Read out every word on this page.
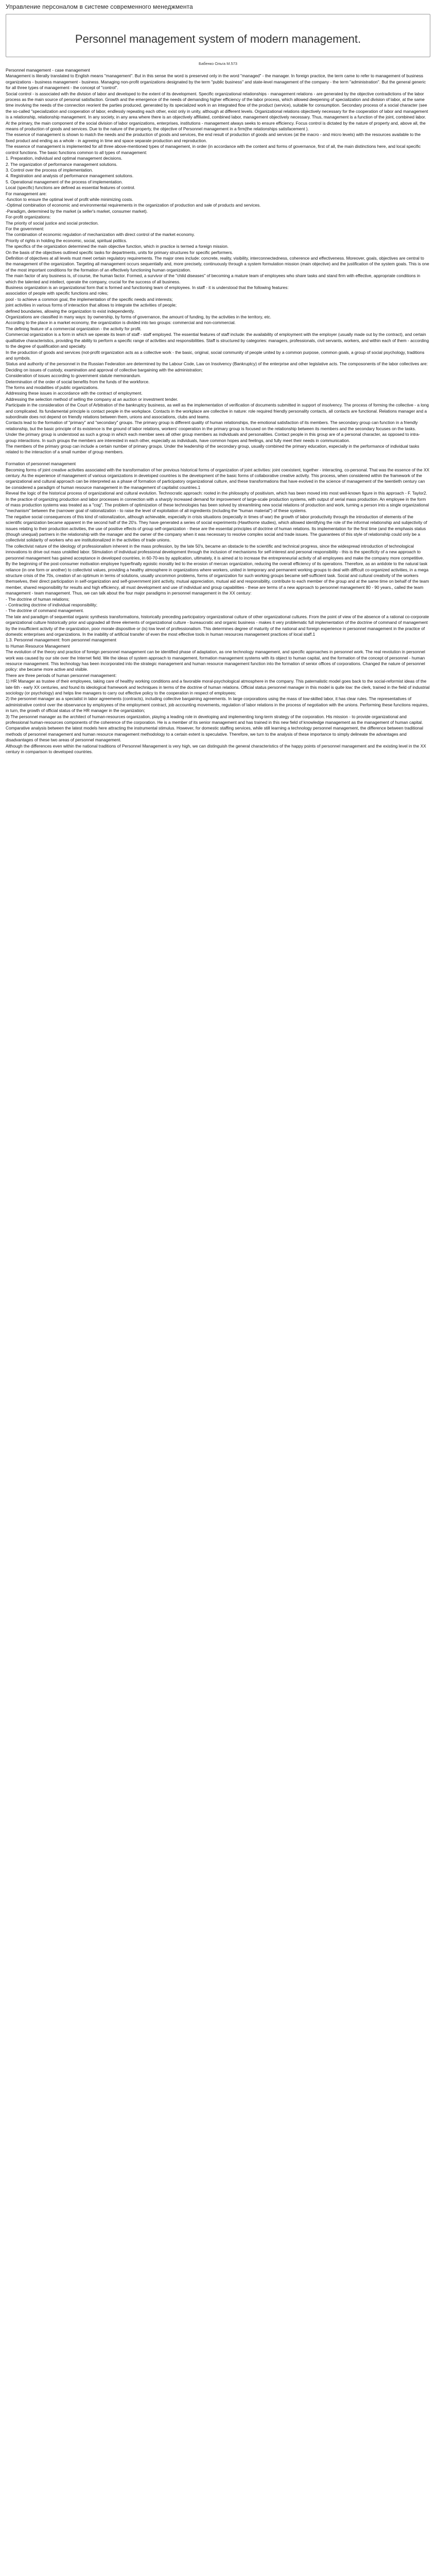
Управление персоналом в системе современного менеджмента
Personnel management system of modern management.
Бабенко Ольга М.573

Personnel management - case management

Management is literally translated to English means "management". But in this sense the word is preserved only in the word "managed" - the manager. In foreign practice, the term came to refer to management of business organizations - business management - business. Managing non-profit organizations designated by the term "public business" and state-level management of the company - the term "administration". But the general generic for all three types of management - the concept of "control".

Social control - is associated with the division of labor and developed to the extent of its development. Specific organizational relationships - management relations - are generated by the objective contradictions of the labor process as the main source of personal satisfaction. Growth and the emergence of the needs of demanding higher efficiency of the labor process, which allowed deepening of specialization and division of labor, at the same time involving the needs of the connection reorient the parties produced, generated by its specialized work in an integrated flow of the product (service), suitable for consumption. Secondary process of a social character (see the so-called "specialization and cooperation of labor, endlessly repeating each other, exist only in unity, although at different levels. Organizational relations objectively necessary for the cooperation of labor and management is a relationship, relationship management. In any society, in any area where there is an objectively affiliated, combined labor, management objectively necessary. Thus, management is a function of the joint, combined labor.

At the primary, the main component of the social division of labor organizations, enterprises, institutions - management always seeks to ensure efficiency. Focus control is dictated by the nature of property and, above all, the means of production of goods and services. Due to the nature of the property, the objective of Personnel management in a firm(the relationships satisfacement ).

The essence of management is shown to match the needs and the production of goods and services, the end result of production of goods and services (at the macro - and micro levels) with the resources available to the fixed product and ending as a whole - in agreeing in time and space separate production and reproduction.

The essence of management is implemented for all three above-mentioned types of management, in order (in accordance with the content and forms of governance, first of all, the main distinctions here, and local specific control functions. The basic functions common to all types of management:

1. Preparation, individual and optimal management decisions.

2. The organization of performance management solutions.

3. Control over the process of implementation.

4. Registration and analysis of performance management solutions.

5. Operational management of the process of implementation.

Local (specific) functions are defined as essential features of control.

For management are:

-function to ensure the optimal level of profit while minimizing costs.

-Optimal combination of economic and environmental requirements in the organization of production and sale of products and services.

-Paradigm, determined by the market (a seller's market, consumer market).

For-profit organizations:

The priority of social justice and social protection.

For the government:

The combination of economic regulation of mechanization with direct control of the market economy.

Priority of rights in holding the economic, social, spiritual politics.

The specifics of the organization determined the main objective function, which in practice is termed a foreign mission.

On the basis of the objectives outlined specific tasks for departments, units for primary structures for specific performers.

Definition of objectives at all levels must meet certain regulatory requirements. The major ones include: concrete, reality, visibility, interconnectedness, coherence and effectiveness. Moreover, goals, objectives are central to the management of the organization. Targeting all management occurs sequentially and, more precisely, continuously through a system formulation mission (main objective) and the justification of the system goals. This is one of the most important conditions for the formation of an effectively functioning human organization.

The main factor of any business is, of course, the human factor. Formed, a survivor of the "child diseases" of becoming a mature team of employees who share tasks and stand firm with effective, appropriate conditions in which the talented and intellect, operate the company, crucial for the success of all business.

Business organization is an organizational form that is formed and functioning team of employees. In staff - it is understood that the following features:

association of people with specific functions and roles;

pool - to achieve a common goal, the implementation of the specific needs and interests;

joint activities in various forms of interaction that allows to integrate the activities of people;

defined boundaries, allowing the organization to exist independently.

Organizations are classified in many ways: by ownership, by forms of governance, the amount of funding, by the activities in the territory, etc.

According to the place in a market economy, the organization is divided into two groups: commercial and non-commercial.

The defining feature of a commercial organization - the activity for profit.

Commercial organization is a form in which we operate its team of staff - staff employed. The essential features of staff include: the availability of employment with the employer (usually made out by the contract), and certain qualitative characteristics, providing the ability to perform a specific range of activities and responsibilities. Staff is structured by categories: managers, professionals, civil servants, workers, and within each of them - according to the degree of qualification and specialty.

In the production of goods and services (not-profit organization acts as a collective work - the basic, original, social community of people united by a common purpose, common goals, a group of social psychology, traditions and symbols.

Status and authority of the personnel in the Russian Federation are determined by the Labour Code, Law on Insolvency (Bankruptcy) of the enterprise and other legislative acts. The composonents of the labor collectives are:

Deciding on issues of custody, examination and approval of collective bargaining with the administration;

Consideration of issues according to government statute memorandum.

Determination of the order of social benefits from the funds of the workforce.

The forms and modalities of public organizations.

Addressing these issues in accordance with the contract of employment.

Addressing the selection method of selling the company at an auction or investment tender.

Participate in the consideration of the Court of Arbitration of the bankruptcy business, as well as the implementation of verification of documents submitted in support of insolvency. The process of forming the collective - a long and complicated. Its fundamental principle is contact people in the workplace. Contacts in the workplace are collective in nature: role required friendly personality contacts, all contacts are functional. Relations manager and a subordinate does not depend on friendly relations between them, unions and associations, clubs and teams.

Contacts lead to the formation of "primary" and "secondary" groups. The primary group is different quality of human relationships, the emotional satisfaction of its members. The secondary group can function in a friendly relationship, but the basic principle of its existence is the ground of labor relations, workers' cooperation in the primary group is focused on the relationship between its members and the secondary focuses on the tasks.

Under the primary group is understood as such a group in which each member sees all other group members as individuals and personalities. Contact people in this group are of a personal character, as opposed to intra-group interactions. In such groups the members are interested in each other, especially as individuals, have common hopes and feelings, and fully meet their needs in communication.

The members of the primary group can include a certain number of primary groups. Under the leadership of the secondary group, usually combined the primary education, especially in the performance of individual tasks related to the interaction of a small number of group members.

Formation of personnel management

Becoming forms of joint creative activities associated with the transformation of her previous historical forms of organization of joint activities: joint coexistent, together - interacting, co-personal. That was the essence of the XX century. As the experience of management of various organizations in developed countries is the development of the basic forms of collaborative creative activity. This process, when considered within the framework of the organizational and cultural approach can be interpreted as a phase of formation of participatory organizational culture, and these transformations that have evolved in the science of management of the twentieth century can be considered a paradigm of human resource management in the management of capitalist countries.1

Reveal the logic of the historical process of organizational and cultural evolution. Technocratic approach: rooted in the philosophy of positivism, which has been moved into most well-known figure in this approach - F. Taylor2. In the practice of organizing production and labor processes in connection with a sharply increased demand for improvement of large-scale production systems, with output of serial mass production. An employee in the form of mass production systems was treated as a "cog". The problem of optimization of these technologies has been solved by streamlining new social relations of production and work, turning a person into a single organizational "mechanism" between the (narrower goal of rationalization - to raise the level of exploitation of all ingredients (including the "human material") of these systems.

The negative social consequences of this kind of rationalization, although achievable, especially in crisis situations (especially in times of war) the growth of labor productivity through the introduction of elements of the scientific organization became apparent in the second half of the 20's. They have generated a series of social experiments (Hawthorne studies), which allowed identifying the role of the informal relationship and subjectivity of issues relating to their production activities, the use of positive effects of group self-organization - these are the essential principles of doctrine of human relations. Its implementation for the first time (and the emphasis status (though unequal) partners in the relationship with the manager and the owner of the company when it was necessary to resolve complex social and trade issues. The guarantees of this style of relationship could only be a collectivist solidarity of workers who are institutionalized in the activities of trade unions.

The collectivist nature of the ideology of professionalism inherent in the mass profession, by the late 50's, became an obstacle to the scientific and technical progress, since the widespread introduction of technological innovations to drive out mass unskilled labor. Stimulation of individual professional development through the inclusion of mechanisms for self-interest and personal responsibility - this is the specificity of a new approach to personnel management has gained acceptance in developed countries, in 60-70-ies by application, ultimately, it is aimed at to increase the entrepreneurial activity of all employees and make the company more competitive.

By the beginning of the post-consumer motivation employee hyperfinally egoistic morality led to the erosion of mercan organization, reducing the overall efficiency of its operations. Therefore, as an antidote to the natural task reliance (in one form or another) to collectivist values, providing a healthy atmosphere in organizations where workers, united in temporary and permanent working groups to deal with difficult co-organized activities, in a mega structure crisis of the 70s, creation of an optimum in terms of solutions, usually uncommon problems, forms of organization for such working groups became self-sufficient task. Social and cultural creativity of the workers themselves, their direct participation in self-organization and self-government joint activity, mutual appreciation, mutual aid and responsibility, contribute to each member of the group and at the same time on behalf of the team member, shared responsibility for results and high efficiency, all must development and use of individual and group capabilities - these are terms of a new approach to personnel management 80 - 90 years., called the team management - team management. Thus, we can talk about the four major paradigms in personnel management in the XX century:

- The doctrine of human relations;

- Contracting doctrine of individual responsibility;

- The doctrine of command management.

The late and paradigm of sequential organic synthesis transformations, historically preceding participatory organizational culture of other organizational cultures. From the point of view of the absence of a rational co-corporate organizational culture historically prior and upgraded all three elements of organizational culture - bureaucratic and organic business - makes it very problematic full implementation of the doctrine of command of management by the insufficient activity of the organization, poor morale dispositive or (is) low level of professionalism. This determines degree of maturity of the national and foreign experience in personnel management in the practice of domestic enterprises and organizations. In the inability of artificial transfer of even the most effective tools in human resources management practices of local staff.1

1.3. Personnel management: from personnel management

to Human Resource Management

The evolution of the theory and practice of foreign personnel management can be identified phase of adaptation, as one technology management, and specific approaches in personnel work. The real revolution in personnel work was caused by our site over the Internet field. We the ideas of system approach to management, formation management systems with its object to human capital, and the formation of the concept of personnel - human resource management. This technology has been incorporated into the strategic management and human resource management function into the formation of senior offices of corporations. Changed the nature of personnel policy: she became more active and visible.

There are three periods of human personnel management:

1) HR Manager as trustee of their employees, taking care of healthy working conditions and a favorable moral-psychological atmosphere in the company. This paternalistic model goes back to the social-reformist ideas of the late 6th - early XX centuries, and found its ideological framework and techniques in terms of the doctrine of human relations. Official status personnel manager in this model is quite low: the clerk, trained in the field of industrial sociology (or psychology) and helps line managers to carry out effective policy to the cooperation in respect of employees;

2) the personnel manager as a specialist in labor agreements (contracts), including collective bargaining agreements. In large corporations using the mass of low-skilled labor, it has clear rules. The representatives of administrative control over the observance by employees of the employment contract, job accounting movements, regulation of labor relations in the process of negotiation with the unions. Performing these functions requires, in turn, the growth of official status of the HR manager in the organization;

3) The personnel manager as the architect of human-resources organization, playing a leading role in developing and implementing long-term strategy of the corporation. His mission - to provide organizational and professional human-resources components of the coherence of the corporation. He is a member of its senior management and has trained in this new field of knowledge management as the management of human capital.

Comparative analysis between the latest models here attracting the instrumental stimulus. However, for domestic staffing services, while still learning a technology personnel management, the difference between traditional methods of personnel management and human resource management methodology to a certain extent is speculative. Therefore, we turn to the analysis of these importance to simply delineate the advantages and disadvantages of these two areas of personnel management.

Although the differences even within the national traditions of Personnel Management is very high, we can distinguish the general characteristics of the happy points of personnel management and the existing level in the XX century in comparison to developed countries.
